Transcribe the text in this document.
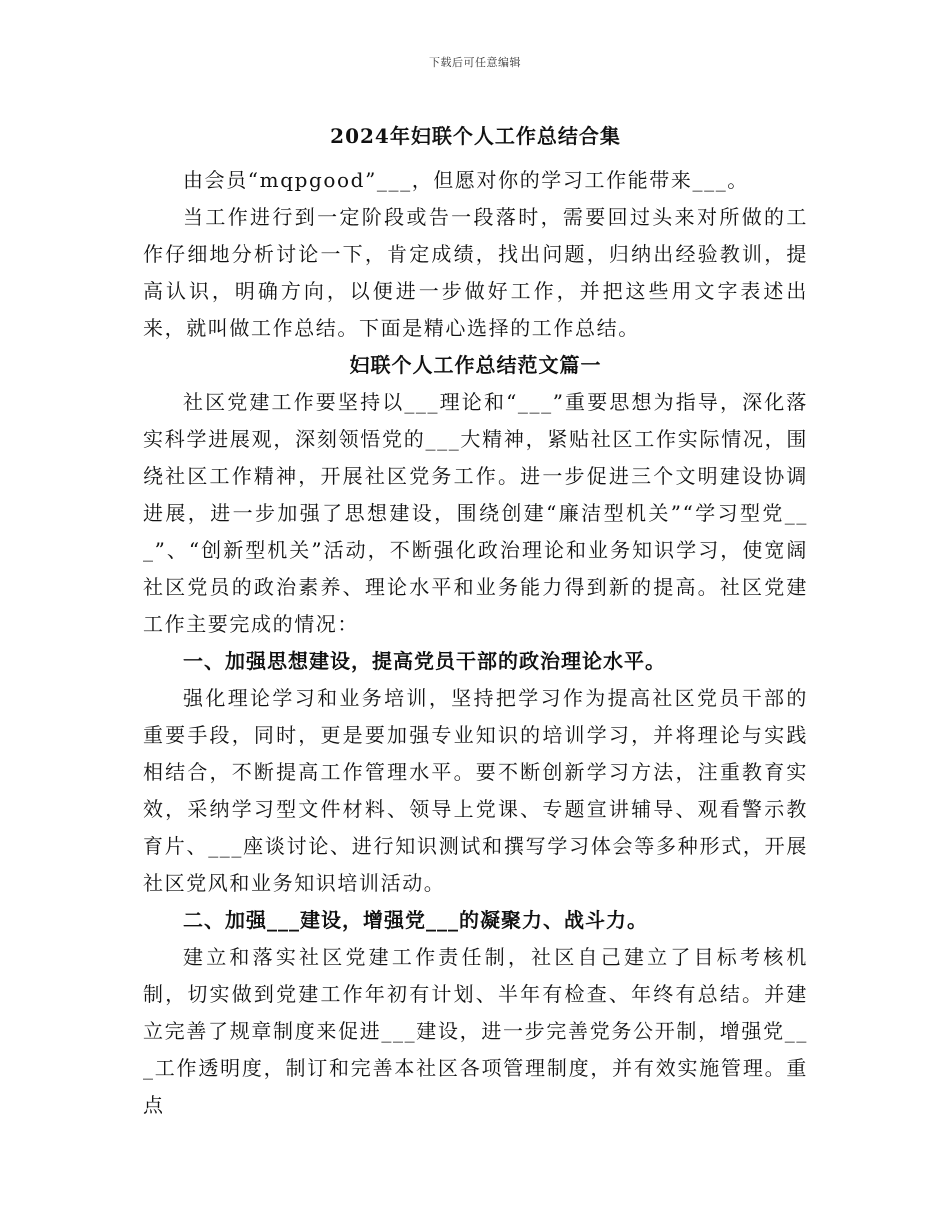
下载后可任意编辑
2024年妇联个人工作总结合集

由会员“mqpgood”___，但愿对你的学习工作能带来___。

当工作进行到一定阶段或告一段落时，需要回过头来对所做的工作仔细地分析讨论一下，肯定成绩，找出问题，归纳出经验教训，提高认识，明确方向，以便进一步做好工作，并把这些用文字表述出来，就叫做工作总结。下面是精心选择的工作总结。

妇联个人工作总结范文篇一

社区党建工作要坚持以___理论和“___”重要思想为指导，深化落实科学进展观，深刻领悟党的___大精神，紧贴社区工作实际情况，围绕社区工作精神，开展社区党务工作。进一步促进三个文明建设协调进展，进一步加强了思想建设，围绕创建“廉洁型机关”“学习型党___”、“创新型机关”活动，不断强化政治理论和业务知识学习，使宽阔社区党员的政治素养、理论水平和业务能力得到新的提高。社区党建工作主要完成的情况：

一、加强思想建设，提高党员干部的政治理论水平。

强化理论学习和业务培训，坚持把学习作为提高社区党员干部的重要手段，同时，更是要加强专业知识的培训学习，并将理论与实践相结合，不断提高工作管理水平。要不断创新学习方法，注重教育实效，采纳学习型文件材料、领导上党课、专题宣讲辅导、观看警示教育片、___座谈讨论、进行知识测试和撰写学习体会等多种形式，开展社区党风和业务知识培训活动。

二、加强___建设，增强党___的凝聚力、战斗力。

建立和落实社区党建工作责任制，社区自己建立了目标考核机制，切实做到党建工作年初有计划、半年有检查、年终有总结。并建立完善了规章制度来促进___建设，进一步完善党务公开制，增强党___工作透明度，制订和完善本社区各项管理制度，并有效实施管理。重点
